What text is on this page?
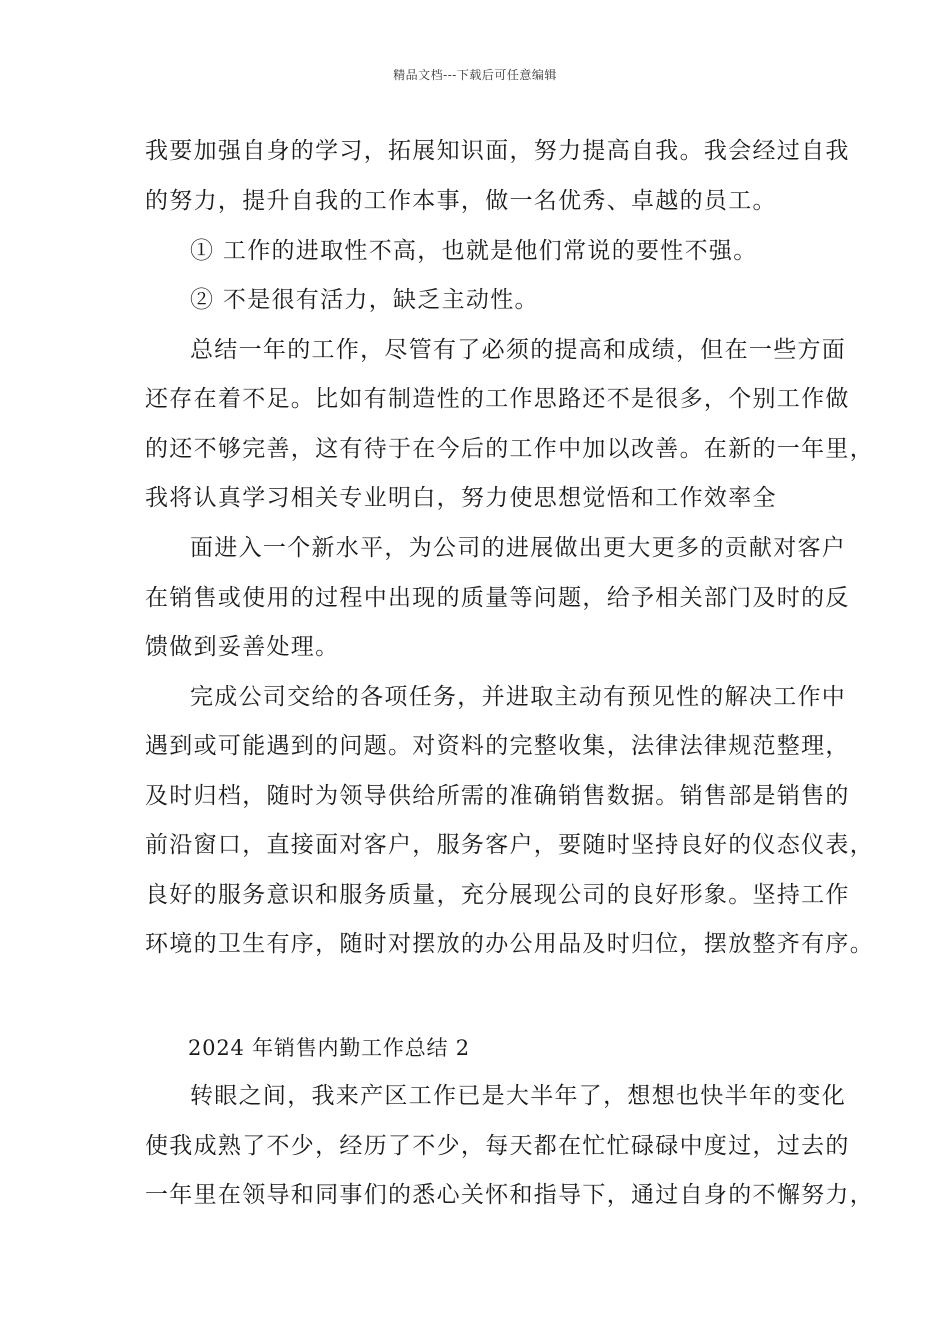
精品文档---下载后可任意编辑
我要加强自身的学习，拓展知识面，努力提高自我。我会经过自我
的努力，提升自我的工作本事，做一名优秀、卓越的员工。
① 工作的进取性不高，也就是他们常说的要性不强。
② 不是很有活力，缺乏主动性。
总结一年的工作，尽管有了必须的提高和成绩，但在一些方面
还存在着不足。比如有制造性的工作思路还不是很多，个别工作做
的还不够完善，这有待于在今后的工作中加以改善。在新的一年里，
我将认真学习相关专业明白，努力使思想觉悟和工作效率全
面进入一个新水平，为公司的进展做出更大更多的贡献对客户
在销售或使用的过程中出现的质量等问题，给予相关部门及时的反
馈做到妥善处理。
完成公司交给的各项任务，并进取主动有预见性的解决工作中
遇到或可能遇到的问题。对资料的完整收集，法律法律规范整理，
及时归档，随时为领导供给所需的准确销售数据。销售部是销售的
前沿窗口，直接面对客户，服务客户，要随时坚持良好的仪态仪表，
良好的服务意识和服务质量，充分展现公司的良好形象。坚持工作
环境的卫生有序，随时对摆放的办公用品及时归位，摆放整齐有序。
2024 年销售内勤工作总结 2
转眼之间，我来产区工作已是大半年了，想想也快半年的变化
使我成熟了不少，经历了不少，每天都在忙忙碌碌中度过，过去的
一年里在领导和同事们的悉心关怀和指导下，通过自身的不懈努力，
